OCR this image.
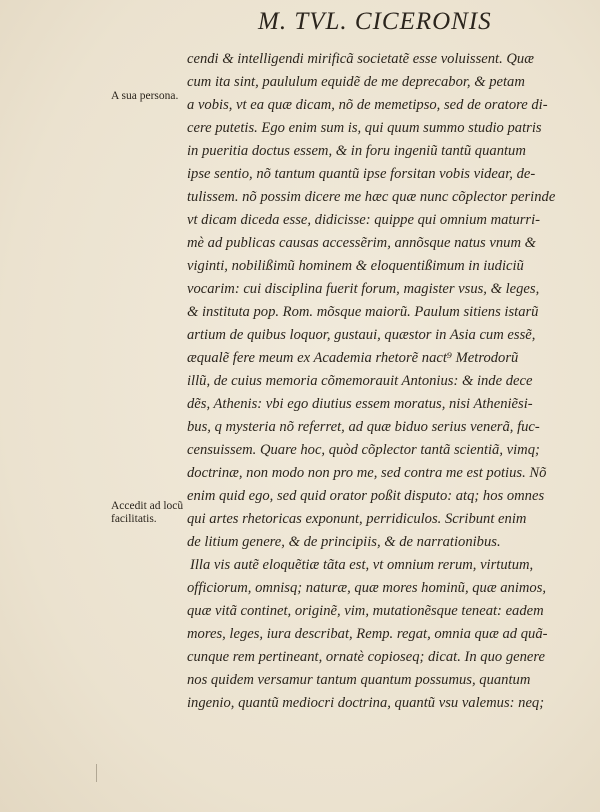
M. TVL. CICERONIS
A sua persona.
Accedit ad locũ
facilitatis.
cendi & intelligendi mirificã societatẽ esse voluissent. Quæ
cum ita sint, paululum equidẽ de me deprecabor, & petam
a vobis, vt ea quæ dicam, nõ de memetipso, sed de oratore di-
cere putetis. Ego enim sum is, qui quum summo studio patris
in pueritia doctus essem, & in foru ingeniũ tantũ quantum
ipse sentio, nõ tantum quantũ ipse forsitan vobis videar, de-
tulissem. nõ possim dicere me hæc quæ nunc cõplector perinde
vt dicam diceda esse, didicisse: quippe qui omnium maturri-
mè ad publicas causas accessẽrim, annõsque natus vnum &
viginti, nobilißimũ hominem & eloquentißimum in iudiciũ
vocarim: cui disciplina fuerit forum, magister vsus, & leges,
& instituta pop. Rom. mõsque maiorũ. Paulum sitiens istarũ
artium de quibus loquor, gustaui, quæstor in Asia cum essẽ,
æqualẽ fere meum ex Academia rhetorẽ nact⁹ Metrodorũ
illũ, de cuius memoria cõmemorauit Antonius: & inde dece
dẽs, Athenis: vbi ego diutius essem moratus, nisi Atheniẽsi-
bus, q mysteria nõ referret, ad quæ biduo serius venerã, fuc-
censuissem. Quare hoc, quòd cõplector tantã scientiã, vimq;
doctrinæ, non modo non pro me, sed contra me est potius. Nõ
enim quid ego, sed quid orator poßit disputo: atq; hos omnes
qui artes rhetoricas exponunt, perridiculos. Scribunt enim
de litium genere, & de principiis, & de narrationibus.
Illa vis autẽ eloquẽtiæ tãta est, vt omnium rerum, virtutum,
officiorum, omnisq; naturæ, quæ mores hominũ, quæ animos,
quæ vitã continet, originẽ, vim, mutationẽsque teneat: eadem
mores, leges, iura describat, Remp. regat, omnia quæ ad quã-
cunque rem pertineant, ornatè copioseq; dicat. In quo genere
nos quidem versamur tantum quantum possumus, quantum
ingenio, quantũ mediocri doctrina, quantũ vsu valemus: neq;
